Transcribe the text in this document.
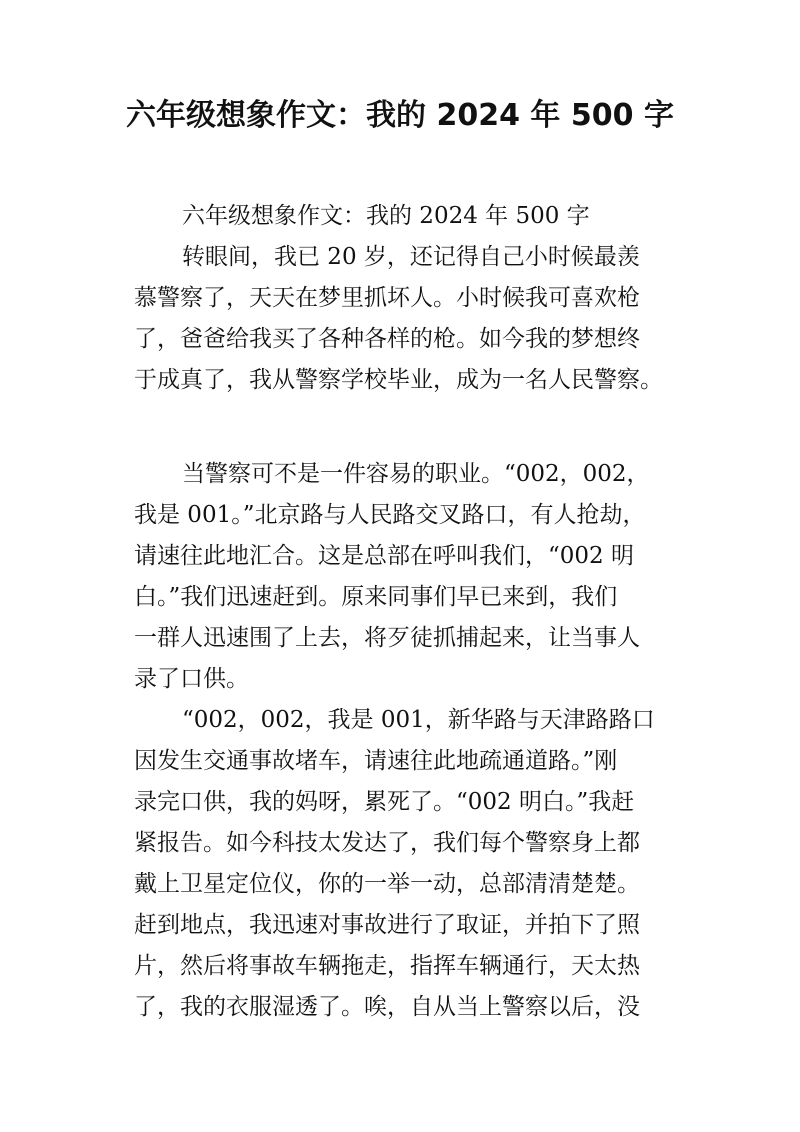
六年级想象作文：我的 2024 年 500 字
六年级想象作文：我的 2024 年 500 字
转眼间，我已 20 岁，还记得自己小时候最羡
慕警察了，天天在梦里抓坏人。小时候我可喜欢枪
了，爸爸给我买了各种各样的枪。如今我的梦想终
于成真了，我从警察学校毕业，成为一名人民警察。
当警察可不是一件容易的职业。“002，002，
我是 001。”北京路与人民路交叉路口，有人抢劫，
请速往此地汇合。这是总部在呼叫我们，“002 明
白。”我们迅速赶到。原来同事们早已来到，我们
一群人迅速围了上去，将歹徒抓捕起来，让当事人
录了口供。
“002，002，我是 001，新华路与天津路路口
因发生交通事故堵车，请速往此地疏通道路。”刚
录完口供，我的妈呀，累死了。“002 明白。”我赶
紧报告。如今科技太发达了，我们每个警察身上都
戴上卫星定位仪，你的一举一动，总部清清楚楚。
赶到地点，我迅速对事故进行了取证，并拍下了照
片，然后将事故车辆拖走，指挥车辆通行，天太热
了，我的衣服湿透了。唉，自从当上警察以后，没
